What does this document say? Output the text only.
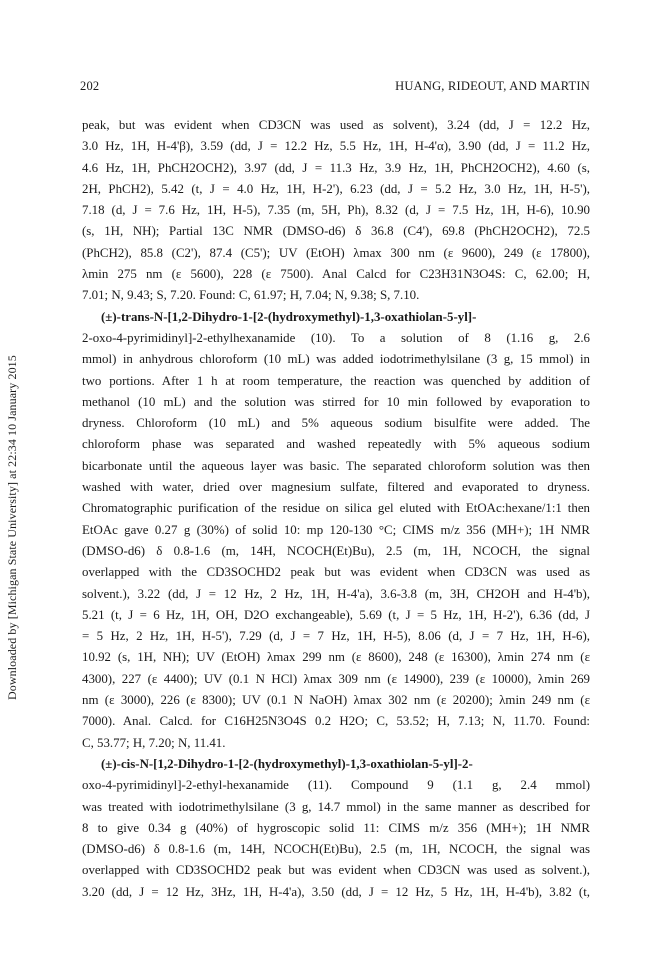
202	HUANG, RIDEOUT, AND MARTIN
Downloaded by [Michigan State University] at 22:34 10 January 2015
peak, but was evident when CD3CN was used as solvent), 3.24 (dd, J = 12.2 Hz,
3.0 Hz, 1H, H-4'β), 3.59 (dd, J = 12.2 Hz, 5.5 Hz, 1H, H-4'α), 3.90 (dd, J = 11.2 Hz,
4.6 Hz, 1H, PhCH2OCH2), 3.97 (dd, J = 11.3 Hz, 3.9 Hz, 1H, PhCH2OCH2), 4.60 (s,
2H, PhCH2), 5.42 (t, J = 4.0 Hz, 1H, H-2'), 6.23 (dd, J = 5.2 Hz, 3.0 Hz, 1H, H-5'),
7.18 (d, J = 7.6 Hz, 1H, H-5), 7.35 (m, 5H, Ph), 8.32 (d, J = 7.5 Hz, 1H, H-6), 10.90
(s, 1H, NH); Partial 13C NMR (DMSO-d6) δ 36.8 (C4'), 69.8 (PhCH2OCH2), 72.5
(PhCH2), 85.8 (C2'), 87.4 (C5'); UV (EtOH) λmax 300 nm (ε 9600), 249 (ε 17800),
λmin 275 nm (ε 5600), 228 (ε 7500). Anal Calcd for C23H31N3O4S: C, 62.00; H,
7.01; N, 9.43; S, 7.20. Found: C, 61.97; H, 7.04; N, 9.38; S, 7.10.
(±)-trans-N-[1,2-Dihydro-1-[2-(hydroxymethyl)-1,3-oxathiolan-5-yl]-
2-oxo-4-pyrimidinyl]-2-ethylhexanamide (10). To a solution of 8 (1.16 g, 2.6
mmol) in anhydrous chloroform (10 mL) was added iodotrimethylsilane (3 g, 15 mmol) in
two portions. After 1 h at room temperature, the reaction was quenched by addition of
methanol (10 mL) and the solution was stirred for 10 min followed by evaporation to
dryness. Chloroform (10 mL) and 5% aqueous sodium bisulfite were added. The
chloroform phase was separated and washed repeatedly with 5% aqueous sodium
bicarbonate until the aqueous layer was basic. The separated chloroform solution was then
washed with water, dried over magnesium sulfate, filtered and evaporated to dryness.
Chromatographic purification of the residue on silica gel eluted with EtOAc:hexane/1:1 then
EtOAc gave 0.27 g (30%) of solid 10: mp 120-130 °C; CIMS m/z 356 (MH+); 1H NMR
(DMSO-d6) δ 0.8-1.6 (m, 14H, NCOCH(Et)Bu), 2.5 (m, 1H, NCOCH, the signal
overlapped with the CD3SOCHD2 peak but was evident when CD3CN was used as
solvent.), 3.22 (dd, J = 12 Hz, 2 Hz, 1H, H-4'a), 3.6-3.8 (m, 3H, CH2OH and H-4'b),
5.21 (t, J = 6 Hz, 1H, OH, D2O exchangeable), 5.69 (t, J = 5 Hz, 1H, H-2'), 6.36 (dd, J
= 5 Hz, 2 Hz, 1H, H-5'), 7.29 (d, J = 7 Hz, 1H, H-5), 8.06 (d, J = 7 Hz, 1H, H-6),
10.92 (s, 1H, NH); UV (EtOH) λmax 299 nm (ε 8600), 248 (ε 16300), λmin 274 nm (ε
4300), 227 (ε 4400); UV (0.1 N HCl) λmax 309 nm (ε 14900), 239 (ε 10000), λmin 269
nm (ε 3000), 226 (ε 8300); UV (0.1 N NaOH) λmax 302 nm (ε 20200); λmin 249 nm (ε
7000). Anal. Calcd. for C16H25N3O4S 0.2 H2O; C, 53.52; H, 7.13; N, 11.70. Found:
C, 53.77; H, 7.20; N, 11.41.
(±)-cis-N-[1,2-Dihydro-1-[2-(hydroxymethyl)-1,3-oxathiolan-5-yl]-2-
oxo-4-pyrimidinyl]-2-ethyl-hexanamide (11). Compound 9 (1.1 g, 2.4 mmol)
was treated with iodotrimethylsilane (3 g, 14.7 mmol) in the same manner as described for
8 to give 0.34 g (40%) of hygroscopic solid 11: CIMS m/z 356 (MH+); 1H NMR
(DMSO-d6) δ 0.8-1.6 (m, 14H, NCOCH(Et)Bu), 2.5 (m, 1H, NCOCH, the signal was
overlapped with CD3SOCHD2 peak but was evident when CD3CN was used as solvent.),
3.20 (dd, J = 12 Hz, 3Hz, 1H, H-4'a), 3.50 (dd, J = 12 Hz, 5 Hz, 1H, H-4'b), 3.82 (t,
